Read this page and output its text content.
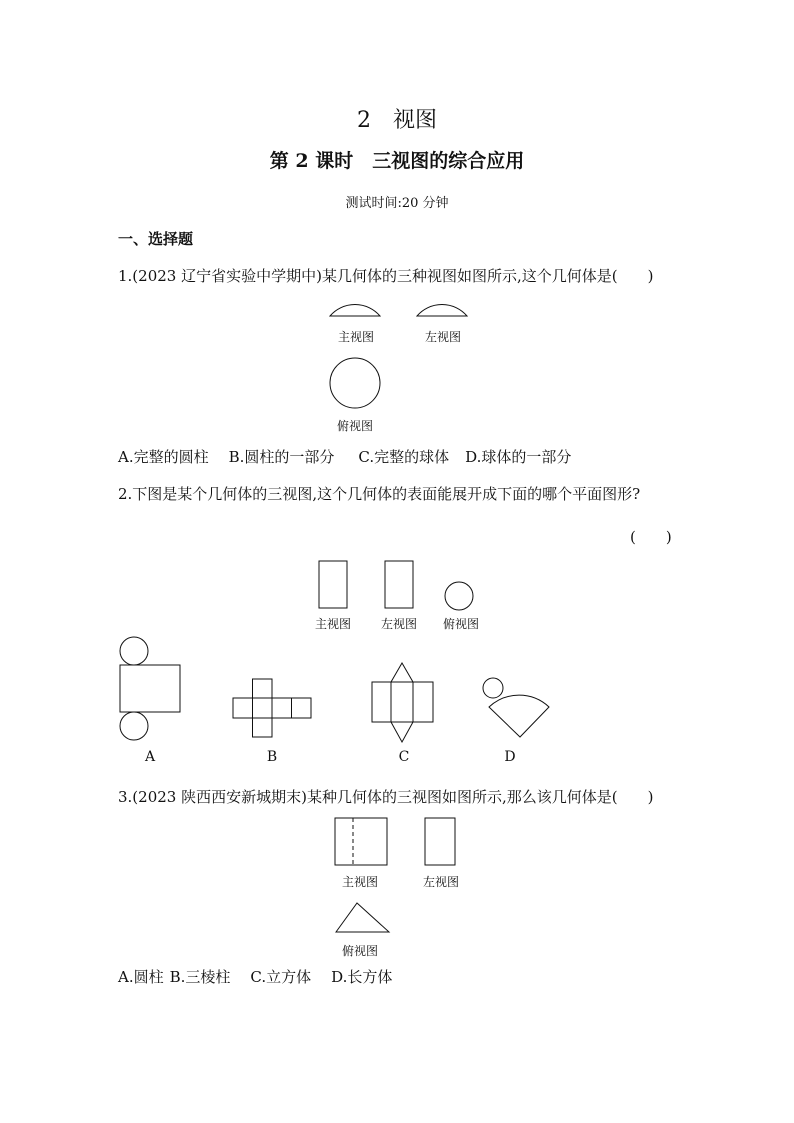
2　视图
第 2 课时　三视图的综合应用
测试时间:20 分钟
一、选择题
1.(2023 辽宁省实验中学期中)某几何体的三种视图如图所示,这个几何体是(　　)
主视图	左视图
俯视图
A.完整的圆柱 B.圆柱的一部分 C.完整的球体 D.球体的一部分
2.下图是某个几何体的三视图,这个几何体的表面能展开成下面的哪个平面图形?
(　　)
主视图	左视图	俯视图
A	B	C	D
3.(2023 陕西西安新城期末)某种几何体的三视图如图所示,那么该几何体是(　　)
主视图	左视图
俯视图
A.圆柱 B.三棱柱 C.立方体 D.长方体
